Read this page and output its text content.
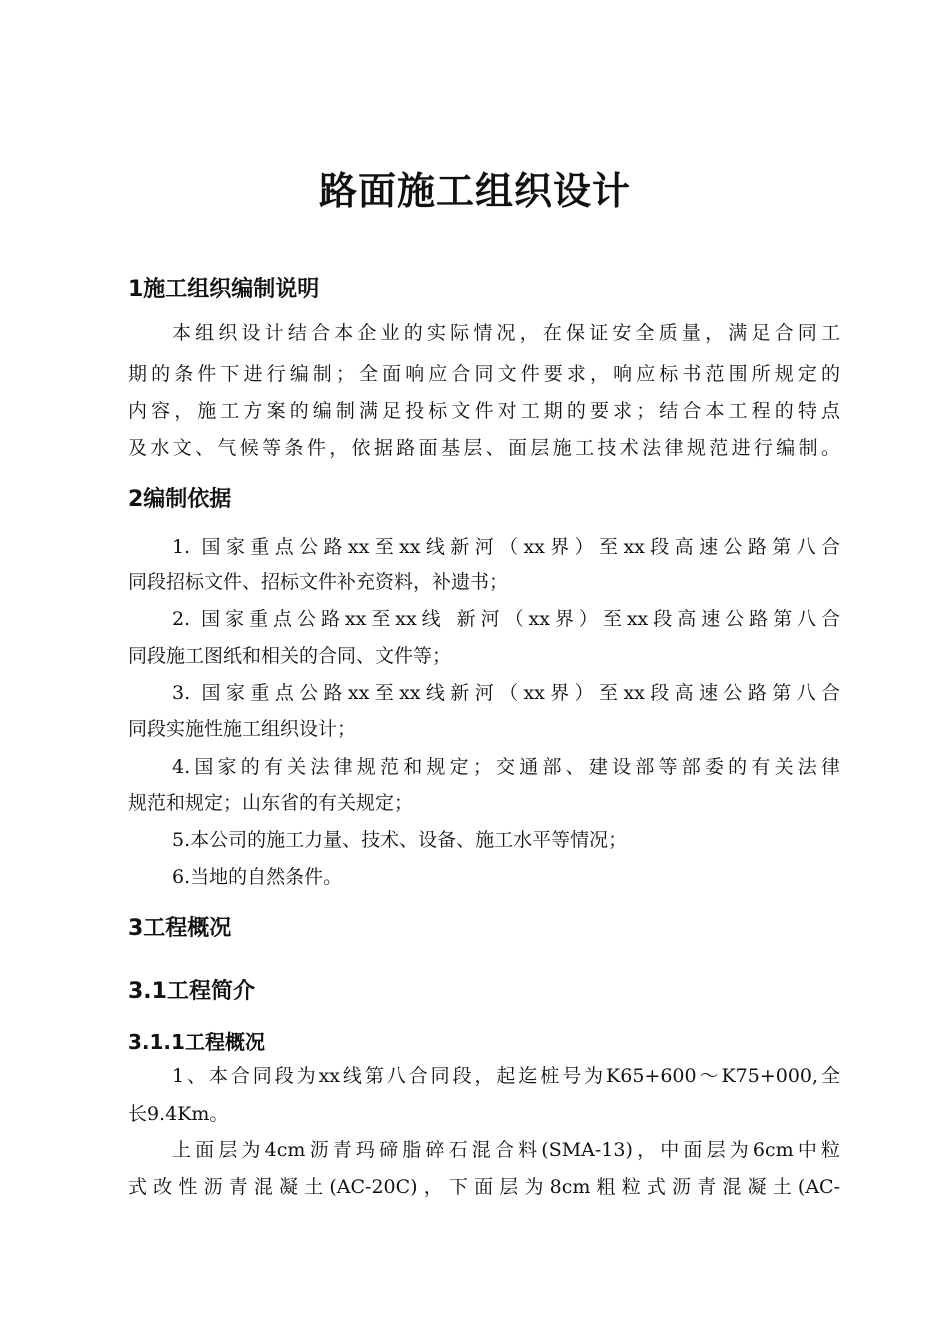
路面施工组织设计
1施工组织编制说明

本组织设计结合本企业的实际情况，在保证安全质量，满足合同工

期的条件下进行编制；全面响应合同文件要求，响应标书范围所规定的

内容，施工方案的编制满足投标文件对工期的要求；结合本工程的特点

及水文、气候等条件，依据路面基层、面层施工技术法律规范进行编制。

2编制依据

1. 国家重点公路xx至xx线新河（xx界）至xx段高速公路第八合

同段招标文件、招标文件补充资料，补遗书；

2. 国家重点公路xx至xx线 新河（xx界）至xx段高速公路第八合

同段施工图纸和相关的合同、文件等；

3. 国家重点公路xx至xx线新河（xx界）至xx段高速公路第八合

同段实施性施工组织设计；

4.国家的有关法律规范和规定；交通部、建设部等部委的有关法律

规范和规定；山东省的有关规定；

5.本公司的施工力量、技术、设备、施工水平等情况；

6.当地的自然条件。

3工程概况
3.1工程简介
3.1.1工程概况

1、本合同段为xx线第八合同段，起迄桩号为K65+600～K75+000,全

长9.4Km。

上面层为4cm沥青玛碲脂碎石混合料(SMA-13)，中面层为6cm中粒

式改性沥青混凝土(AC-20C)，下面层为8cm粗粒式沥青混凝土(AC-
